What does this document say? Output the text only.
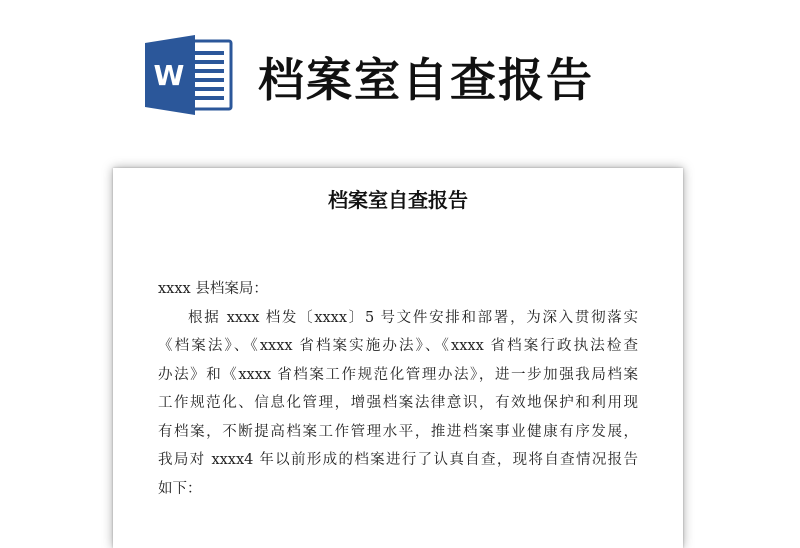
W 档案室自查报告
档案室自查报告
xxxx 县档案局：
根据 xxxx 档发〔xxxx〕5 号文件安排和部署，为深入贯彻落实
《档案法》、《xxxx 省档案实施办法》、《xxxx 省档案行政执法检查
办法》和《xxxx 省档案工作规范化管理办法》，进一步加强我局档案
工作规范化、信息化管理，增强档案法律意识，有效地保护和利用现
有档案，不断提高档案工作管理水平，推进档案事业健康有序发展，
我局对 xxxx4 年以前形成的档案进行了认真自查，现将自查情况报告
如下：
